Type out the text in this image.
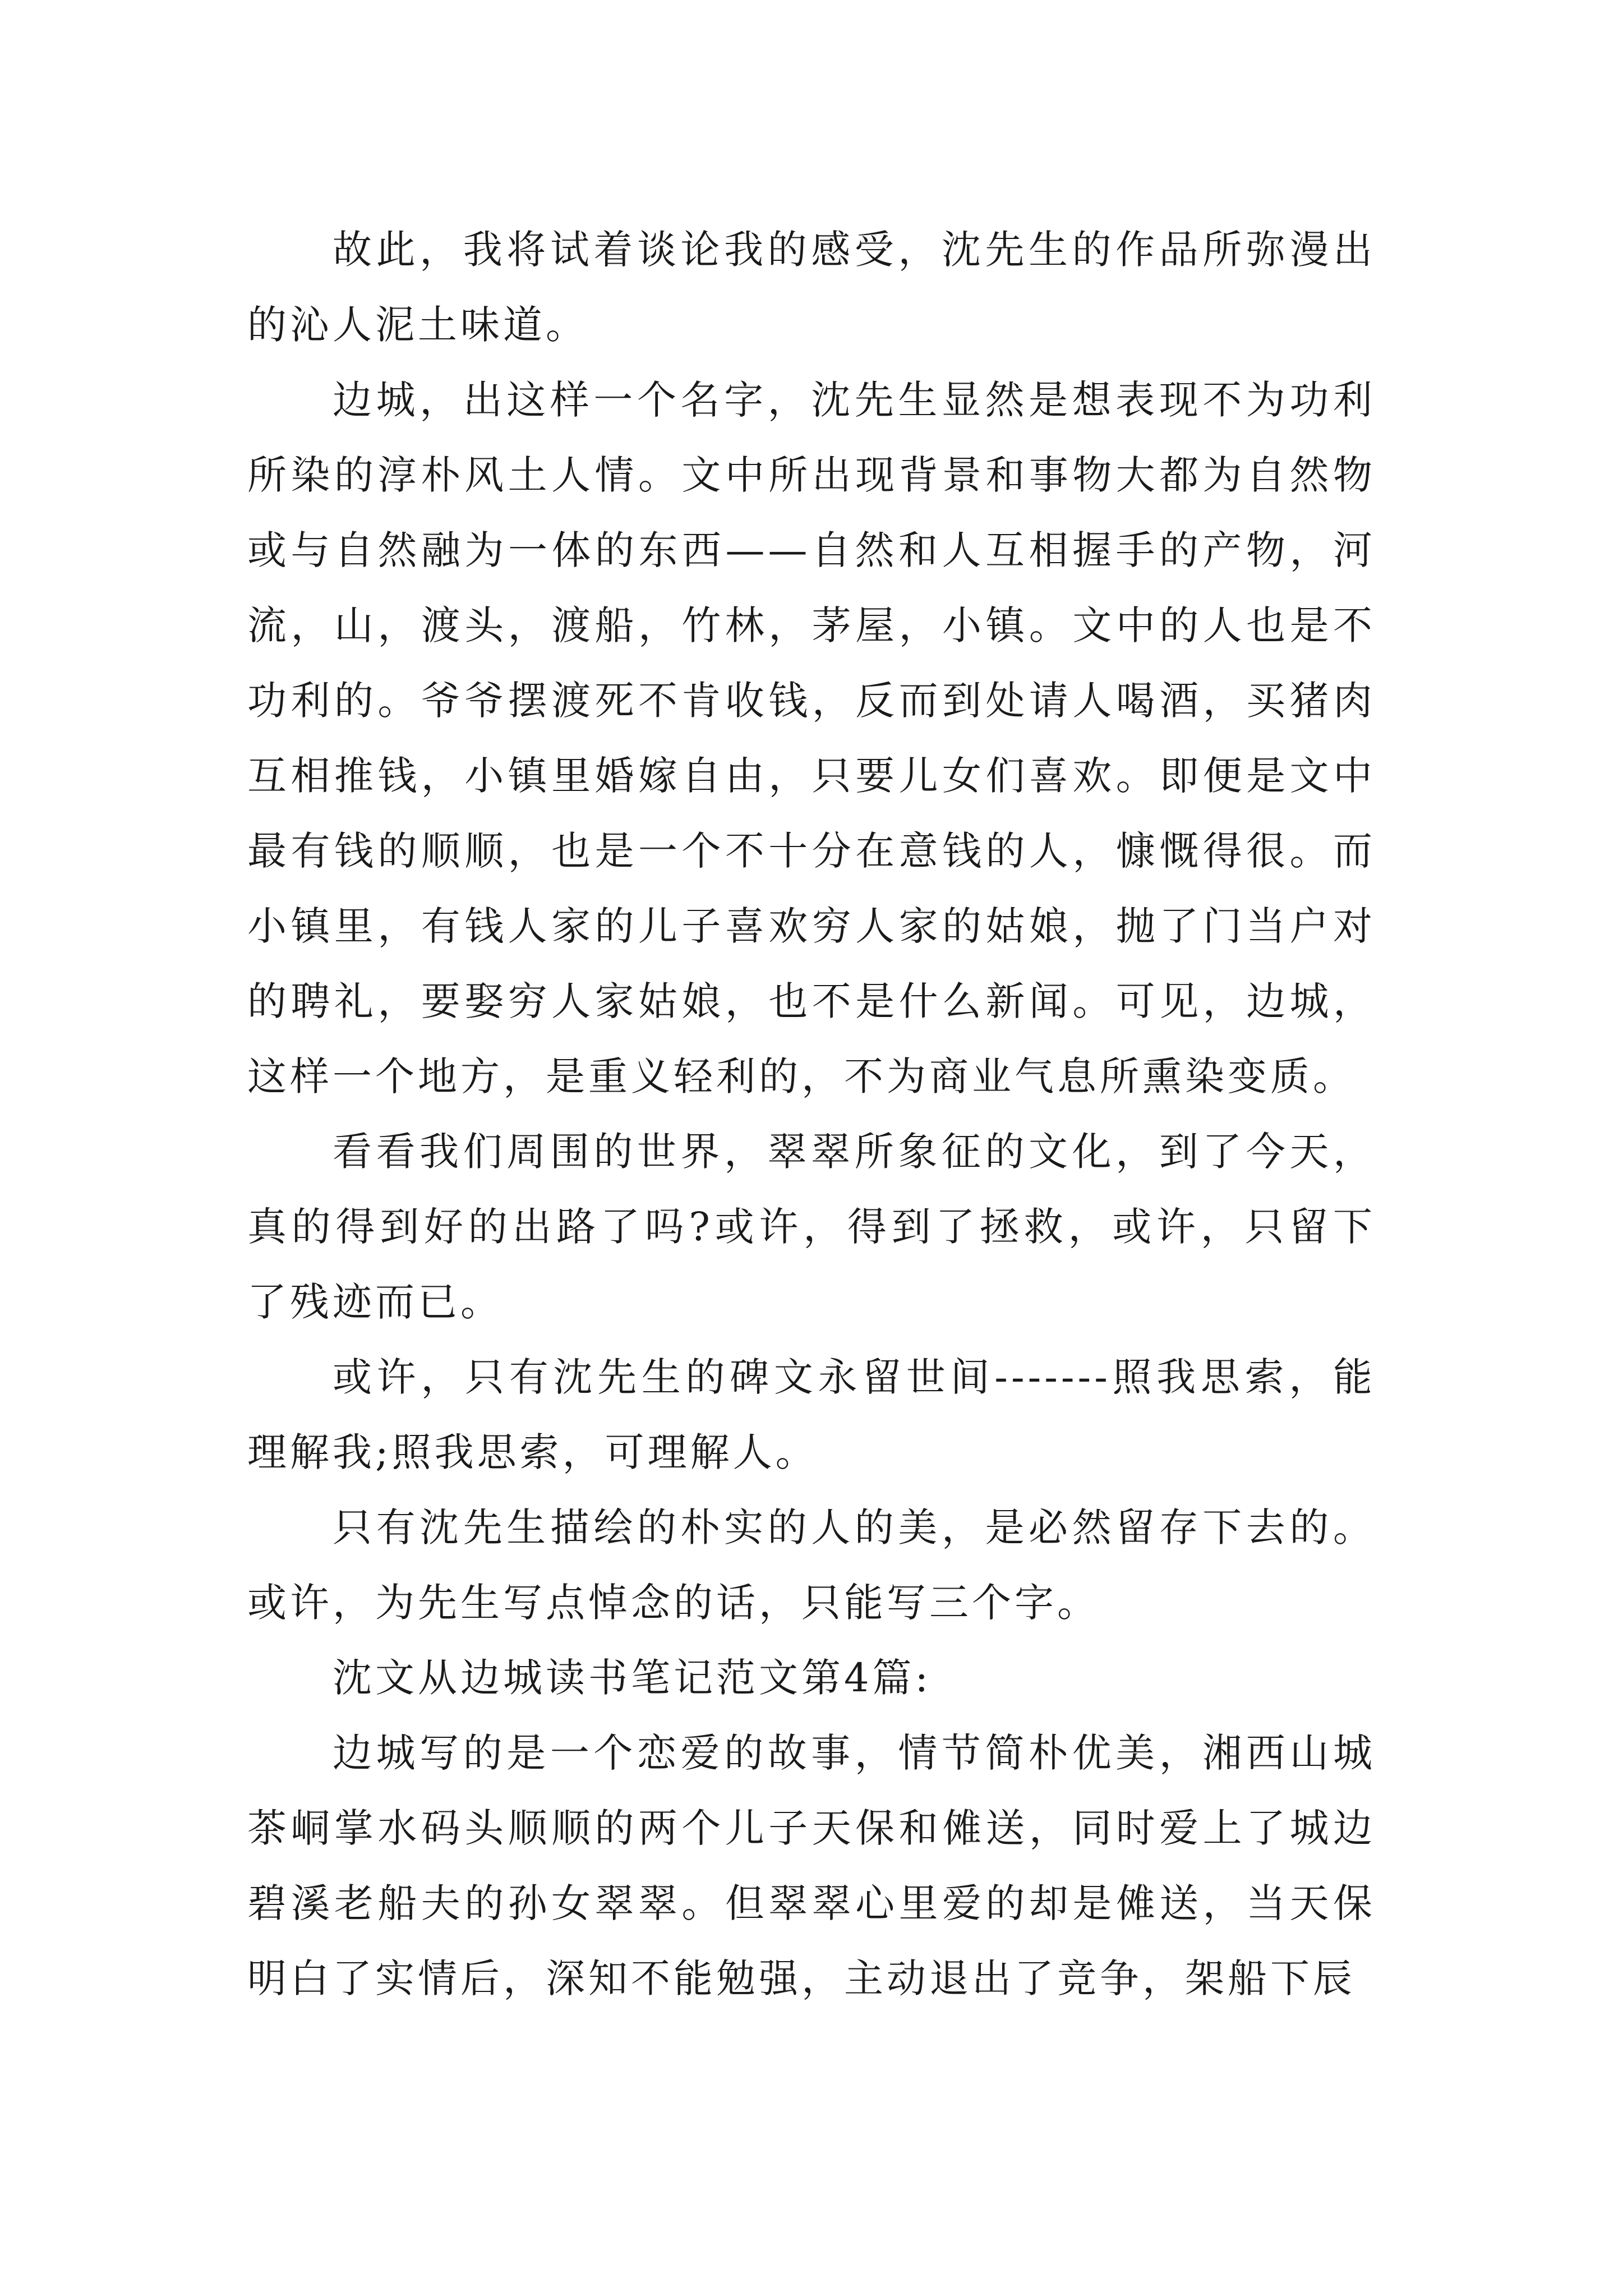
故此，我将试着谈论我的感受，沈先生的作品所弥漫出的沁人泥土味道。

边城，出这样一个名字，沈先生显然是想表现不为功利所染的淳朴风土人情。文中所出现背景和事物大都为自然物或与自然融为一体的东西——自然和人互相握手的产物，河流，山，渡头，渡船，竹林，茅屋，小镇。文中的人也是不功利的。爷爷摆渡死不肯收钱，反而到处请人喝酒，买猪肉互相推钱，小镇里婚嫁自由，只要儿女们喜欢。即便是文中最有钱的顺顺，也是一个不十分在意钱的人，慷慨得很。而小镇里，有钱人家的儿子喜欢穷人家的姑娘，抛了门当户对的聘礼，要娶穷人家姑娘，也不是什么新闻。可见，边城，这样一个地方，是重义轻利的，不为商业气息所熏染变质。

看看我们周围的世界，翠翠所象征的文化，到了今天，真的得到好的出路了吗?或许，得到了拯救，或许，只留下了残迹而已。

或许，只有沈先生的碑文永留世间-------照我思索，能理解我;照我思索，可理解人。

只有沈先生描绘的朴实的人的美，是必然留存下去的。或许，为先生写点悼念的话，只能写三个字。

沈文从边城读书笔记范文第4篇:

边城写的是一个恋爱的故事，情节简朴优美，湘西山城茶峒掌水码头顺顺的两个儿子天保和傩送，同时爱上了城边碧溪老船夫的孙女翠翠。但翠翠心里爱的却是傩送，当天保明白了实情后，深知不能勉强，主动退出了竞争，架船下辰
